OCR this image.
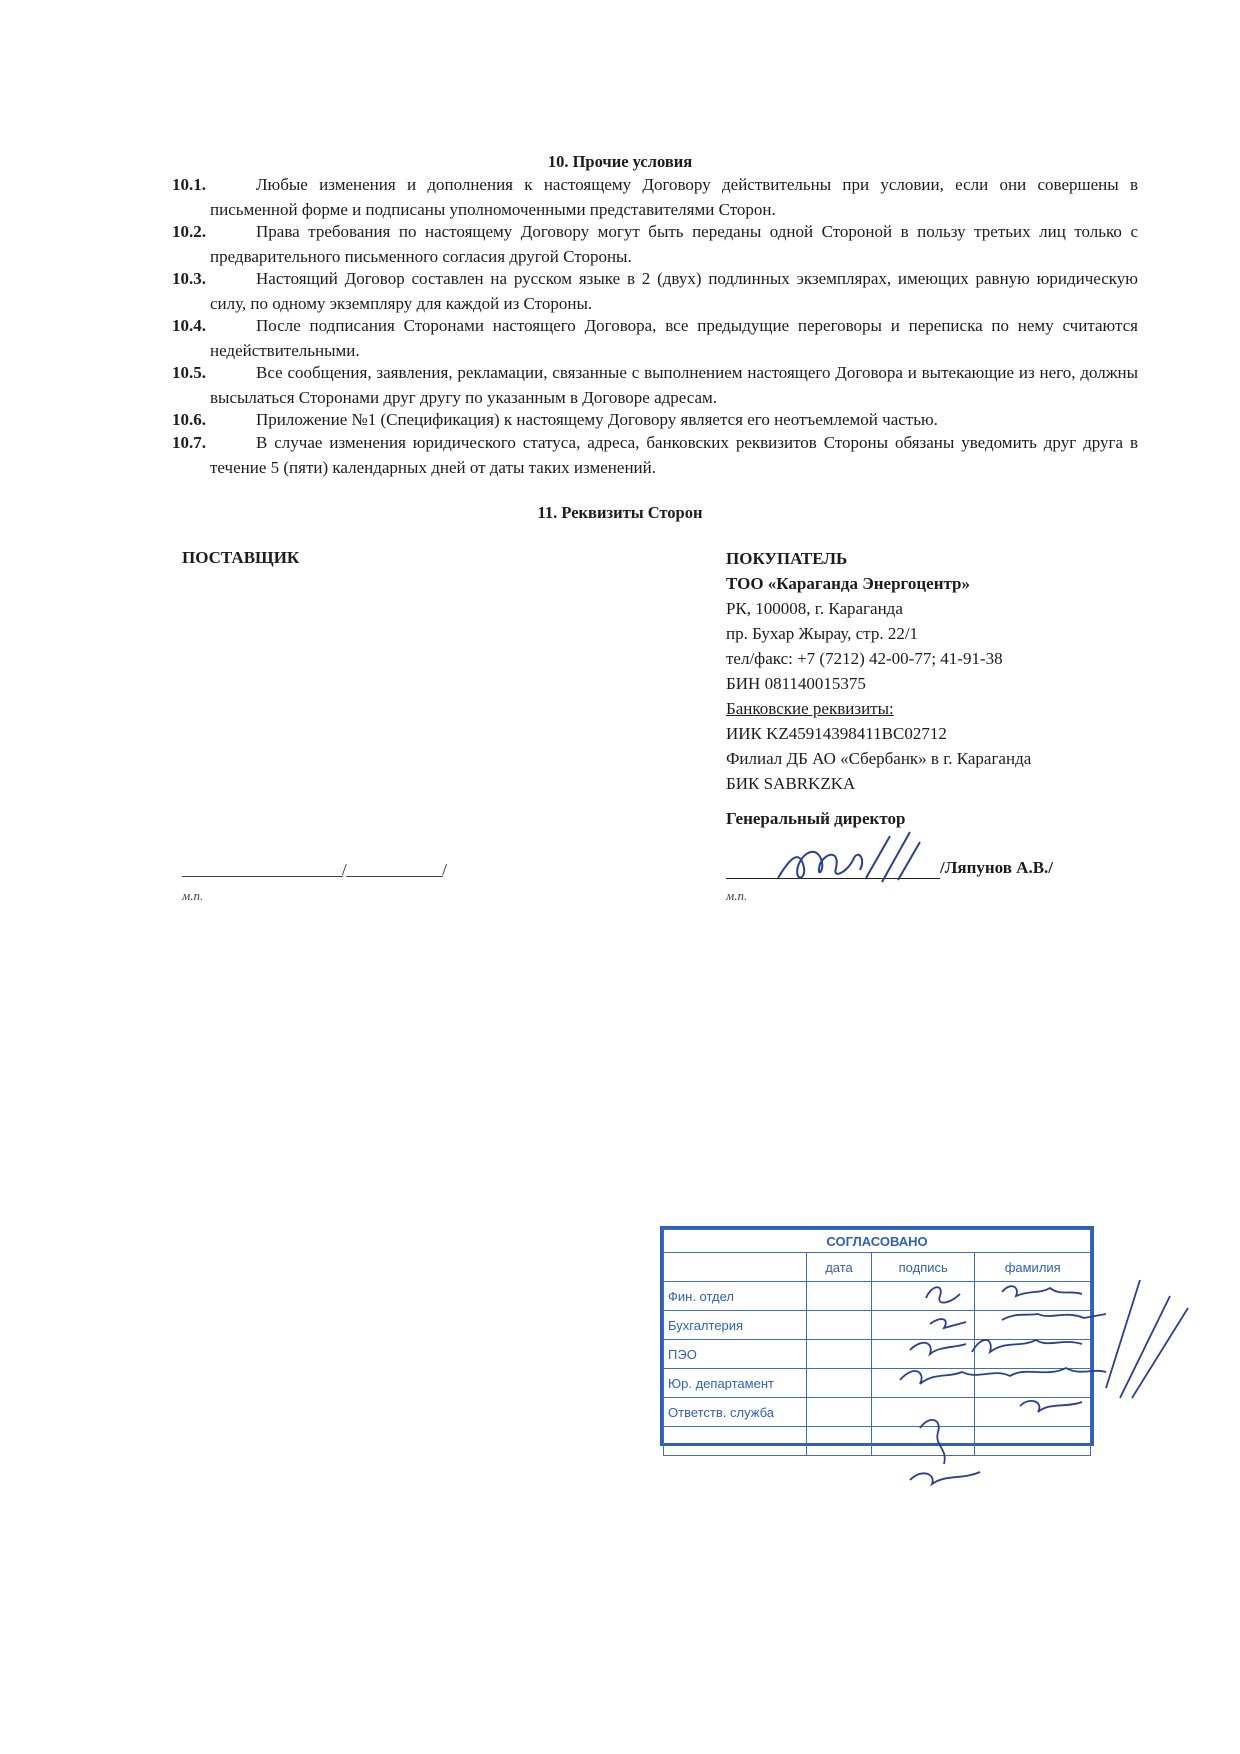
10. Прочие условия
10.1.	Любые изменения и дополнения к настоящему Договору действительны при условии, если они совершены в письменной форме и подписаны уполномоченными представителями Сторон.
10.2.	Права требования по настоящему Договору могут быть переданы одной Стороной в пользу третьих лиц только с предварительного письменного согласия другой Стороны.
10.3.	Настоящий Договор составлен на русском языке в 2 (двух) подлинных экземплярах, имеющих равную юридическую силу, по одному экземпляру для каждой из Стороны.
10.4.	После подписания Сторонами настоящего Договора, все предыдущие переговоры и переписка по нему считаются недействительными.
10.5.	Все сообщения, заявления, рекламации, связанные с выполнением настоящего Договора и вытекающие из него, должны высылаться Сторонами друг другу по указанным в Договоре адресам.
10.6.	Приложение №1 (Спецификация) к настоящему Договору является его неотъемлемой частью.
10.7.	В случае изменения юридического статуса, адреса, банковских реквизитов Стороны обязаны уведомить друг друга в течение 5 (пяти) календарных дней от даты таких изменений.
11. Реквизиты Сторон
ПОСТАВЩИК	ПОКУПАТЕЛЬ
ТОО «Караганда Энергоцентр»
РК, 100008, г. Караганда
пр. Бухар Жырау, стр. 22/1
тел/факс: +7 (7212) 42-00-77; 41-91-38
БИН 081140015375
Банковские реквизиты:
ИИК KZ45914398411BC02712
Филиал ДБ АО «Сбербанк» в г. Караганда
БИК SABRKZKA
Генеральный директор
____________________/____________/
м.п.
/Ляпунов А.В./
м.п.
СОГЛАСОВАНО			
	дата	подпись	фамилия
Фин. отдел			
Бухгалтерия			
ПЭО			
Юр. департамент			
Ответств. служба			
